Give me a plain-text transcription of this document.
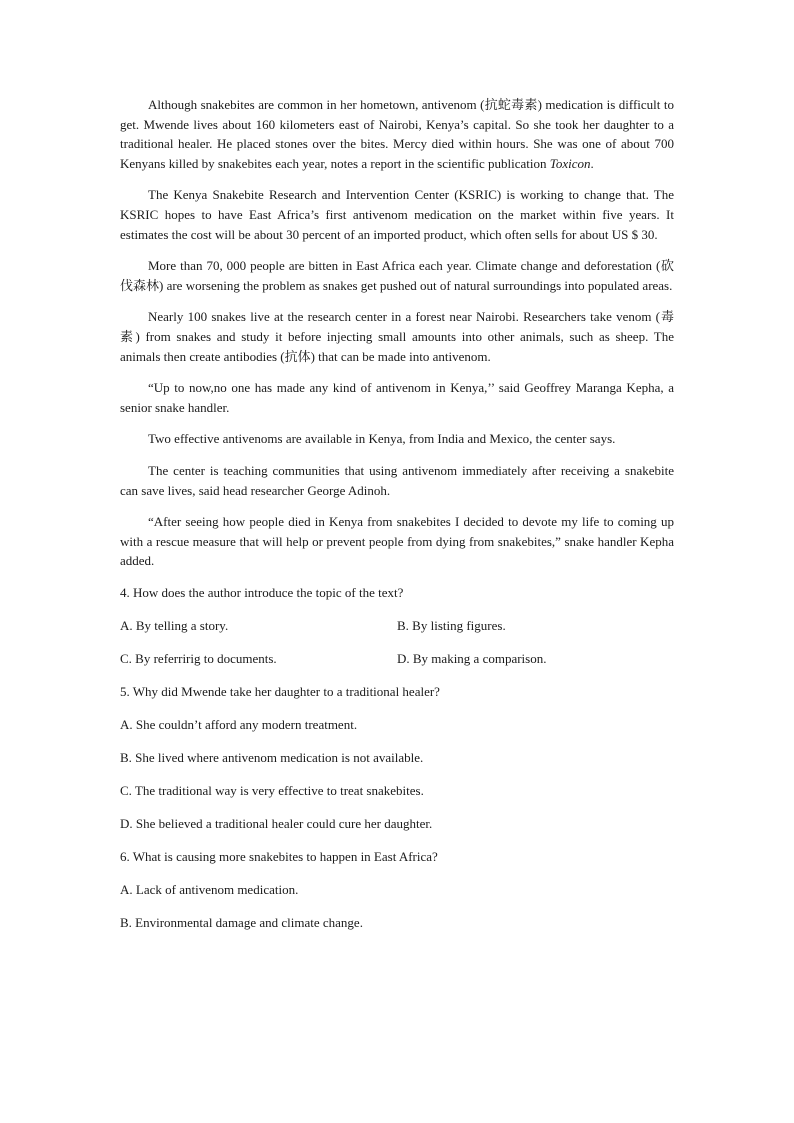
Although snakebites are common in her hometown, antivenom (抗蛇毒素) medication is difficult to get. Mwende lives about 160 kilometers east of Nairobi, Kenya’s capital. So she took her daughter to a traditional healer. He placed stones over the bites. Mercy died within hours. She was one of about 700 Kenyans killed by snakebites each year, notes a report in the scientific publication Toxicon.

The Kenya Snakebite Research and Intervention Center (KSRIC) is working to change that. The KSRIC hopes to have East Africa’s first antivenom medication on the market within five years. It estimates the cost will be about 30 percent of an imported product, which often sells for about US $ 30.

More than 70, 000 people are bitten in East Africa each year. Climate change and deforestation (砍伐森林) are worsening the problem as snakes get pushed out of natural surroundings into populated areas.

Nearly 100 snakes live at the research center in a forest near Nairobi. Researchers take venom (毒素) from snakes and study it before injecting small amounts into other animals, such as sheep. The animals then create antibodies (抗体) that can be made into antivenom.

“Up to now,no one has made any kind of antivenom in Kenya,’’ said Geoffrey Maranga Kepha, a senior snake handler.

Two effective antivenoms are available in Kenya, from India and Mexico, the center says.

The center is teaching communities that using antivenom immediately after receiving a snakebite can save lives, said head researcher George Adinoh.

“After seeing how people died in Kenya from snakebites I decided to devote my life to coming up with a rescue measure that will help or prevent people from dying from snakebites,” snake handler Kepha added.

4. How does the author introduce the topic of the text?
A. By telling a story.	B. By listing figures.
C. By referririg to documents.	D. By making a comparison.
5. Why did Mwende take her daughter to a traditional healer?
A. She couldn’t afford any modern treatment.
B. She lived where antivenom medication is not available.
C. The traditional way is very effective to treat snakebites.
D. She believed a traditional healer could cure her daughter.
6. What is causing more snakebites to happen in East Africa?
A. Lack of antivenom medication.
B. Environmental damage and climate change.
